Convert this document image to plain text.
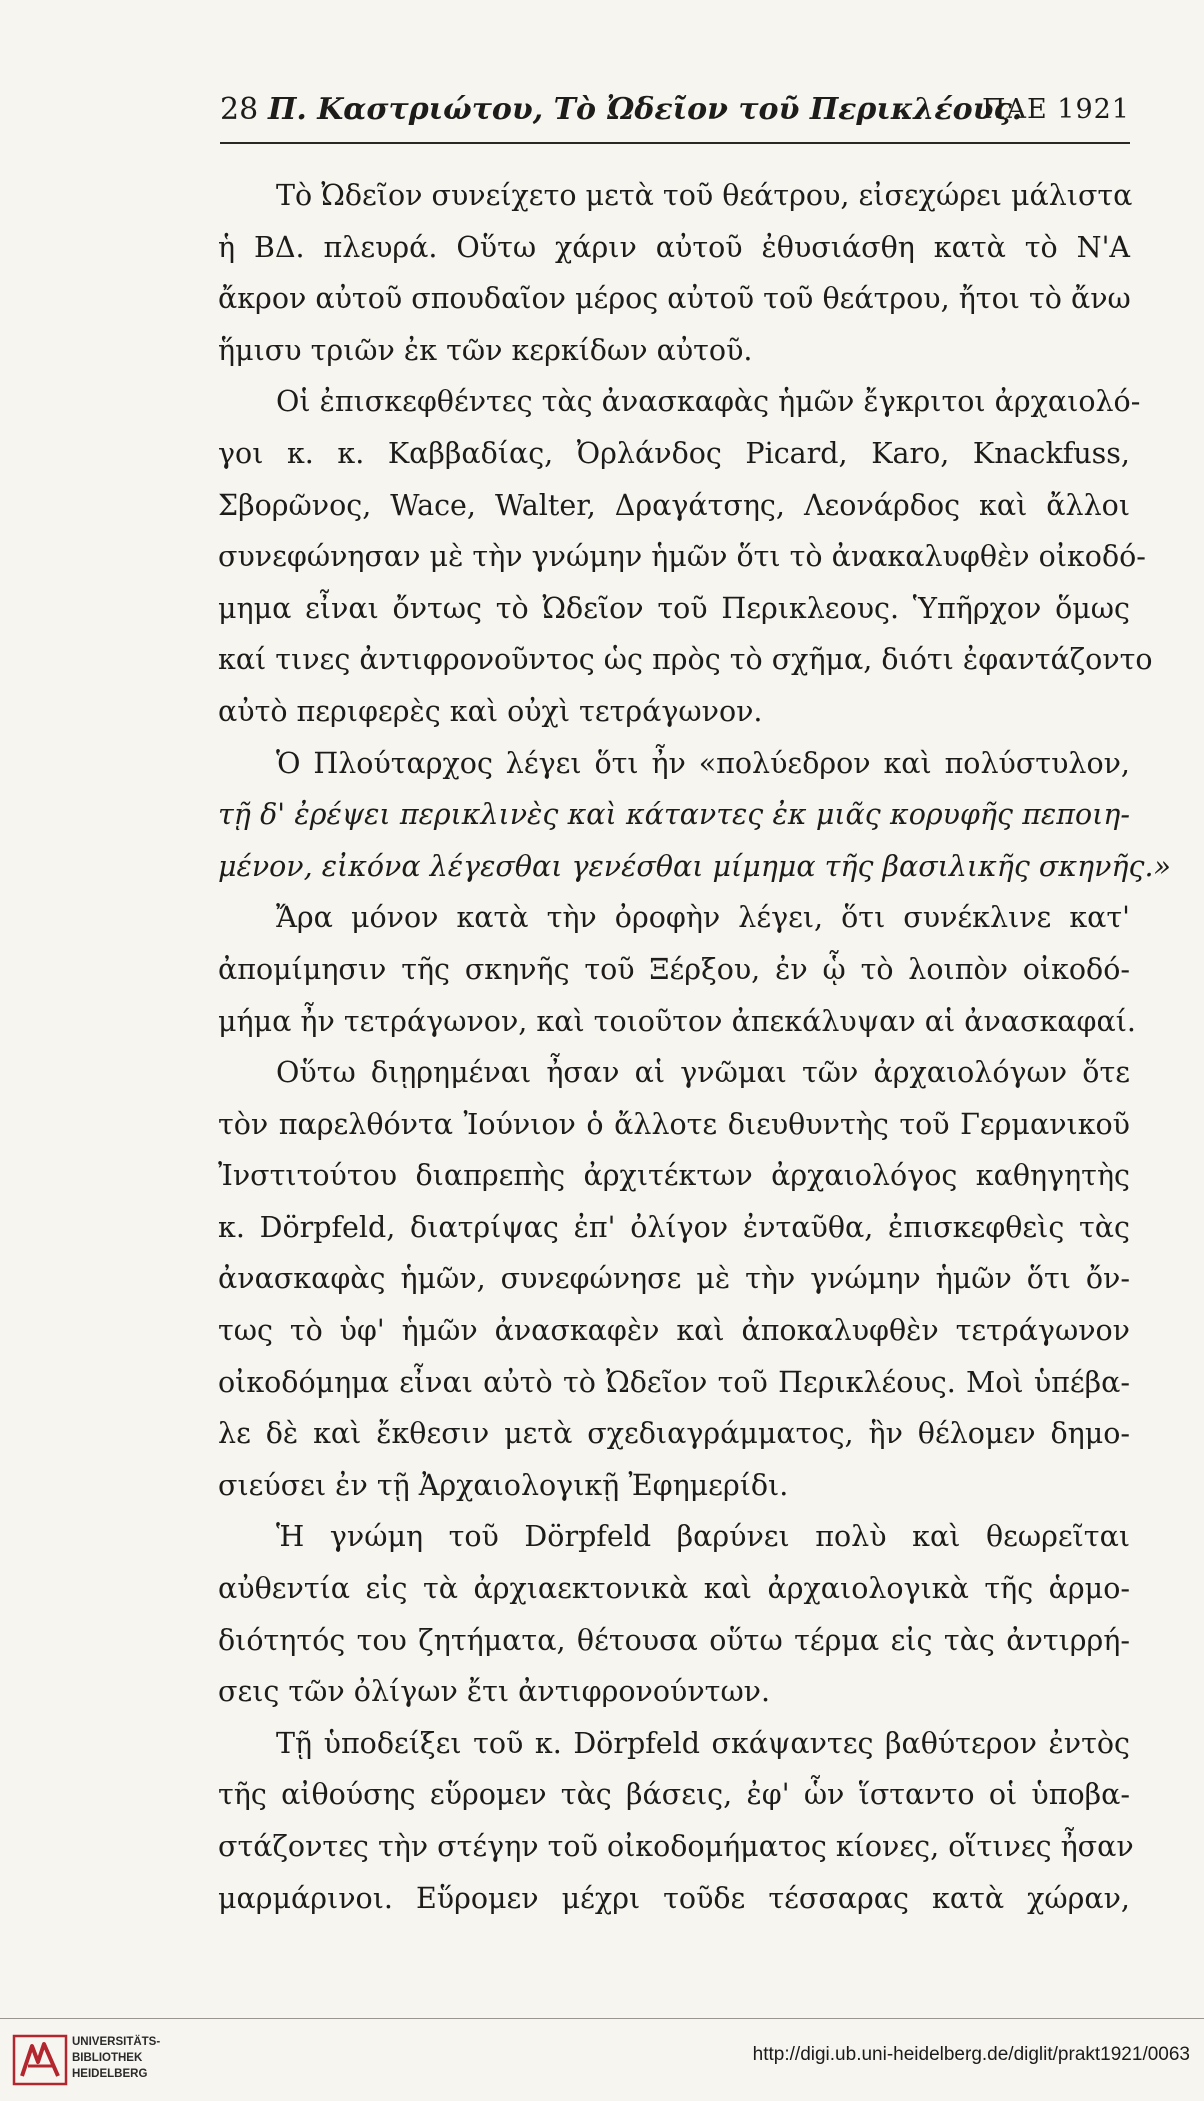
28 Π. Καστριώτου, Τὸ Ὠδεῖον τοῦ Περικλέους.
ΠΑΕ 1921
Τὸ Ὠδεῖον συνείχετο μετὰ τοῦ θεάτρου, εἰσεχώρει μάλιστα
ἡ ΒΔ. πλευρά. Οὕτω χάριν αὐτοῦ ἐθυσιάσθη κατὰ τὸ Ν'Α
ἄκρον αὐτοῦ σπουδαῖον μέρος αὐτοῦ τοῦ θεάτρου, ἤτοι τὸ ἄνω
ἥμισυ τριῶν ἐκ τῶν κερκίδων αὐτοῦ.
Οἱ ἐπισκεφθέντες τὰς ἀνασκαφὰς ἡμῶν ἔγκριτοι ἀρχαιολό-
γοι κ. κ. Καββαδίας, Ὀρλάνδος Picard, Karo, Knackfuss,
Σβορῶνος, Wace, Walter, Δραγάτσης, Λεονάρδος καὶ ἄλλοι
συνεφώνησαν μὲ τὴν γνώμην ἡμῶν ὅτι τὸ ἀνακαλυφθὲν οἰκοδό-
μημα εἶναι ὄντως τὸ Ὠδεῖον τοῦ Περικλεους. Ὑπῆρχον ὅμως
καί τινες ἀντιφρονοῦντος ὡς πρὸς τὸ σχῆμα, διότι ἐφαντάζοντο
αὐτὸ περιφερὲς καὶ οὐχὶ τετράγωνον.
Ὁ Πλούταρχος λέγει ὅτι ἦν «πολύεδρον καὶ πολύστυλον,
τῇ δ' ἐρέψει περικλινὲς καὶ κάταντες ἐκ μιᾶς κορυφῆς πεποιη-
μένον, εἰκόνα λέγεσθαι γενέσθαι μίμημα τῆς βασιλικῆς σκηνῆς.»
Ἄρα μόνον κατὰ τὴν ὀροφὴν λέγει, ὅτι συνέκλινε κατ'
ἀπομίμησιν τῆς σκηνῆς τοῦ Ξέρξου, ἐν ᾧ τὸ λοιπὸν οἰκοδό-
μήμα ἦν τετράγωνον, καὶ τοιοῦτον ἀπεκάλυψαν αἱ ἀνασκαφαί.
Οὕτω διῃρημέναι ἦσαν αἱ γνῶμαι τῶν ἀρχαιολόγων ὅτε
τὸν παρελθόντα Ἰούνιον ὁ ἄλλοτε διευθυντὴς τοῦ Γερμανικοῦ
Ἰνστιτούτου διαπρεπὴς ἀρχιτέκτων ἀρχαιολόγος καθηγητὴς
κ. Dörpfeld, διατρίψας ἐπ' ὀλίγον ἐνταῦθα, ἐπισκεφθεὶς τὰς
ἀνασκαφὰς ἡμῶν, συνεφώνησε μὲ τὴν γνώμην ἡμῶν ὅτι ὄν-
τως τὸ ὑφ' ἡμῶν ἀνασκαφὲν καὶ ἀποκαλυφθὲν τετράγωνον
οἰκοδόμημα εἶναι αὐτὸ τὸ Ὠδεῖον τοῦ Περικλέους. Μοὶ ὑπέβα-
λε δὲ καὶ ἔκθεσιν μετὰ σχεδιαγράμματος, ἣν θέλομεν δημο-
σιεύσει ἐν τῇ Ἀρχαιολογικῇ Ἐφημερίδι.
Ἡ γνώμη τοῦ Dörpfeld βαρύνει πολὺ καὶ θεωρεῖται
αὐθεντία εἰς τὰ ἀρχιαεκτονικὰ καὶ ἀρχαιολογικὰ τῆς ἁρμο-
διότητός του ζητήματα, θέτουσα οὕτω τέρμα εἰς τὰς ἀντιρρή-
σεις τῶν ὀλίγων ἔτι ἀντιφρονούντων.
Τῇ ὑποδείξει τοῦ κ. Dörpfeld σκάψαντες βαθύτερον ἐντὸς
τῆς αἰθούσης εὕρομεν τὰς βάσεις, ἐφ' ὧν ἵσταντο οἱ ὑποβα-
στάζοντες τὴν στέγην τοῦ οἰκοδομήματος κίονες, οἵτινες ἦσαν
μαρμάρινοι. Εὕρομεν μέχρι τοῦδε τέσσαρας κατὰ χώραν,
UNIVERSITÄTS-
BIBLIOTHEK
HEIDELBERG
http://digi.ub.uni-heidelberg.de/diglit/prakt1921/0063
